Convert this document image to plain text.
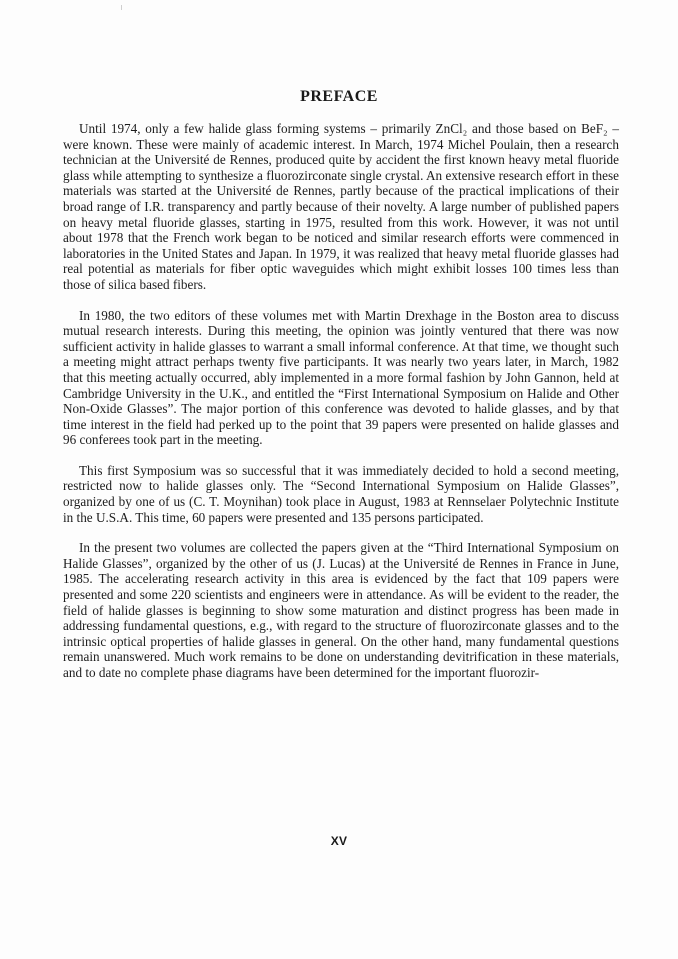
PREFACE

Until 1974, only a few halide glass forming systems – primarily ZnCl₂ and those based on BeF₂ – were known. These were mainly of academic interest. In March, 1974 Michel Poulain, then a research technician at the Université de Rennes, produced quite by accident the first known heavy metal fluoride glass while attempting to synthesize a fluorozirconate single crystal. An extensive research effort in these materials was started at the Université de Rennes, partly because of the practical implications of their broad range of I.R. transparency and partly because of their novelty. A large number of published papers on heavy metal fluoride glasses, starting in 1975, resulted from this work. However, it was not until about 1978 that the French work began to be noticed and similar research efforts were commenced in laboratories in the United States and Japan. In 1979, it was realized that heavy metal fluoride glasses had real potential as materials for fiber optic waveguides which might exhibit losses 100 times less than those of silica based fibers.

In 1980, the two editors of these volumes met with Martin Drexhage in the Boston area to discuss mutual research interests. During this meeting, the opinion was jointly ventured that there was now sufficient activity in halide glasses to warrant a small informal conference. At that time, we thought such a meeting might attract perhaps twenty five participants. It was nearly two years later, in March, 1982 that this meeting actually occurred, ably implemented in a more formal fashion by John Gannon, held at Cambridge University in the U.K., and entitled the “First International Symposium on Halide and Other Non-Oxide Glasses”. The major portion of this conference was devoted to halide glasses, and by that time interest in the field had perked up to the point that 39 papers were presented on halide glasses and 96 conferees took part in the meeting.

This first Symposium was so successful that it was immediately decided to hold a second meeting, restricted now to halide glasses only. The “Second International Symposium on Halide Glasses”, organized by one of us (C. T. Moynihan) took place in August, 1983 at Rennselaer Polytechnic Institute in the U.S.A. This time, 60 papers were presented and 135 persons participated.

In the present two volumes are collected the papers given at the “Third International Symposium on Halide Glasses”, organized by the other of us (J. Lucas) at the Université de Rennes in France in June, 1985. The accelerating research activity in this area is evidenced by the fact that 109 papers were presented and some 220 scientists and engineers were in attendance. As will be evident to the reader, the field of halide glasses is beginning to show some maturation and distinct progress has been made in addressing fundamental questions, e.g., with regard to the structure of fluorozirconate glasses and to the intrinsic optical properties of halide glasses in general. On the other hand, many fundamental questions remain unanswered. Much work remains to be done on understanding devitrification in these materials, and to date no complete phase diagrams have been determined for the important fluorozir-

XV
